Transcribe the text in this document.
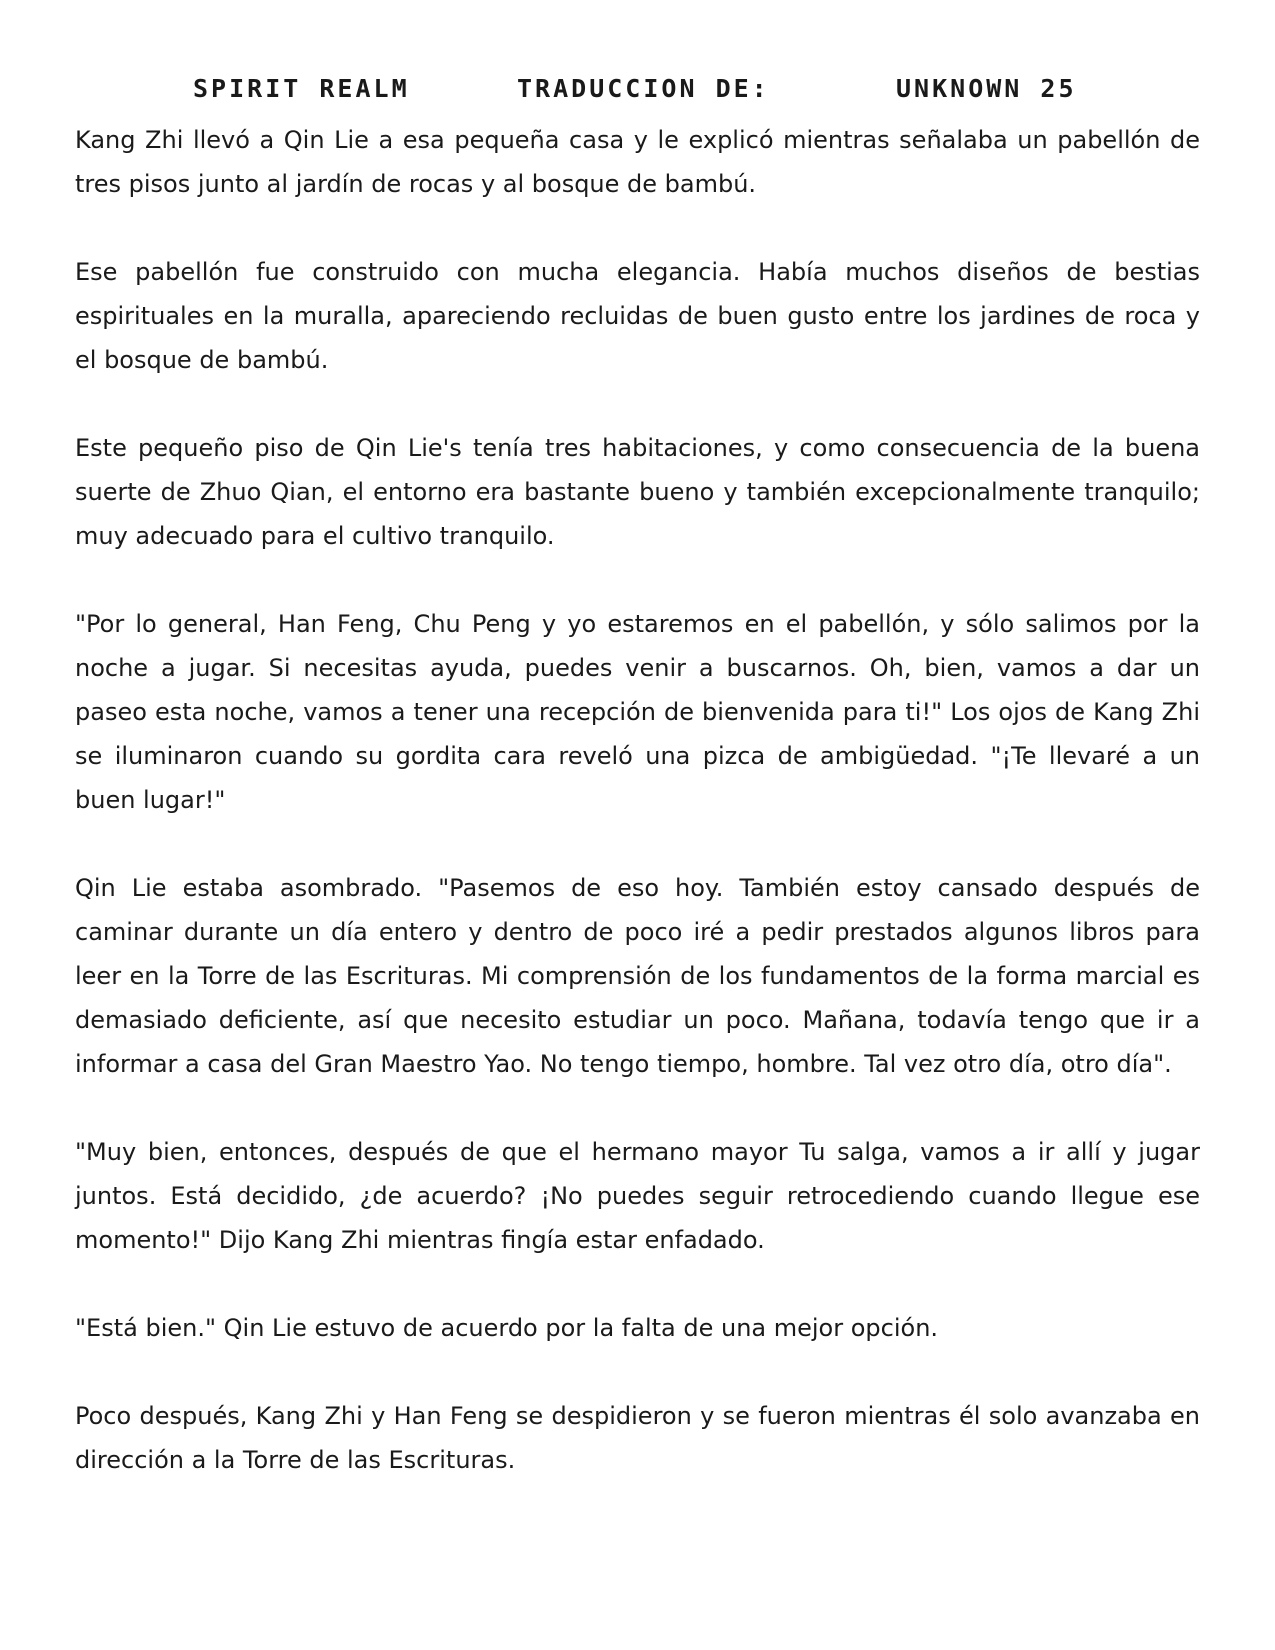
SPIRIT REALM	TRADUCCION DE:	UNKNOWN 25

Kang Zhi llevó a Qin Lie a esa pequeña casa y le explicó mientras señalaba un pabellón de tres pisos junto al jardín de rocas y al bosque de bambú.

Ese pabellón fue construido con mucha elegancia. Había muchos diseños de bestias espirituales en la muralla, apareciendo recluidas de buen gusto entre los jardines de roca y el bosque de bambú.

Este pequeño piso de Qin Lie's tenía tres habitaciones, y como consecuencia de la buena suerte de Zhuo Qian, el entorno era bastante bueno y también excepcionalmente tranquilo; muy adecuado para el cultivo tranquilo.

"Por lo general, Han Feng, Chu Peng y yo estaremos en el pabellón, y sólo salimos por la noche a jugar. Si necesitas ayuda, puedes venir a buscarnos. Oh, bien, vamos a dar un paseo esta noche, vamos a tener una recepción de bienvenida para ti!" Los ojos de Kang Zhi se iluminaron cuando su gordita cara reveló una pizca de ambigüedad. "¡Te llevaré a un buen lugar!"

Qin Lie estaba asombrado. "Pasemos de eso hoy. También estoy cansado después de caminar durante un día entero y dentro de poco iré a pedir prestados algunos libros para leer en la Torre de las Escrituras. Mi comprensión de los fundamentos de la forma marcial es demasiado deficiente, así que necesito estudiar un poco. Mañana, todavía tengo que ir a informar a casa del Gran Maestro Yao. No tengo tiempo, hombre. Tal vez otro día, otro día".

"Muy bien, entonces, después de que el hermano mayor Tu salga, vamos a ir allí y jugar juntos. Está decidido, ¿de acuerdo? ¡No puedes seguir retrocediendo cuando llegue ese momento!" Dijo Kang Zhi mientras fingía estar enfadado.

"Está bien." Qin Lie estuvo de acuerdo por la falta de una mejor opción.

Poco después, Kang Zhi y Han Feng se despidieron y se fueron mientras él solo avanzaba en dirección a la Torre de las Escrituras.
